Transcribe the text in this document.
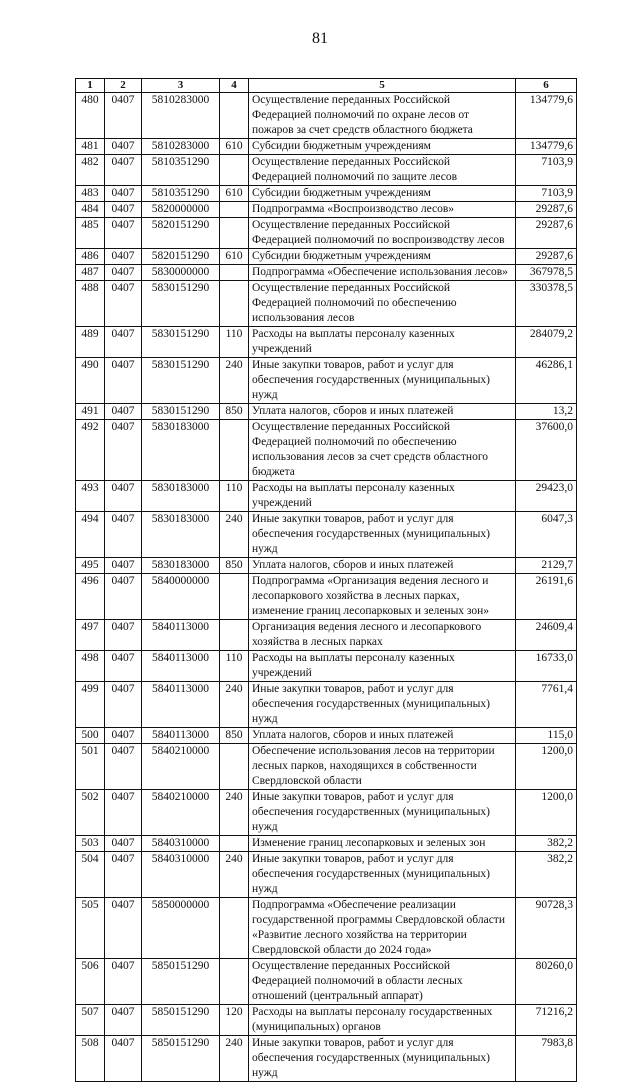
81
1	2	3	4	5	6
480	0407	5810283000		Осуществление переданных Российской Федерацией полномочий по охране лесов от пожаров за счет средств областного бюджета	134779,6
481	0407	5810283000	610	Субсидии бюджетным учреждениям	134779,6
482	0407	5810351290		Осуществление переданных Российской Федерацией полномочий по защите лесов	7103,9
483	0407	5810351290	610	Субсидии бюджетным учреждениям	7103,9
484	0407	5820000000		Подпрограмма «Воспроизводство лесов»	29287,6
485	0407	5820151290		Осуществление переданных Российской Федерацией полномочий по воспроизводству лесов	29287,6
486	0407	5820151290	610	Субсидии бюджетным учреждениям	29287,6
487	0407	5830000000		Подпрограмма «Обеспечение использования лесов»	367978,5
488	0407	5830151290		Осуществление переданных Российской Федерацией полномочий по обеспечению использования лесов	330378,5
489	0407	5830151290	110	Расходы на выплаты персоналу казенных учреждений	284079,2
490	0407	5830151290	240	Иные закупки товаров, работ и услуг для обеспечения государственных (муниципальных) нужд	46286,1
491	0407	5830151290	850	Уплата налогов, сборов и иных платежей	13,2
492	0407	5830183000		Осуществление переданных Российской Федерацией полномочий по обеспечению использования лесов за счет средств областного бюджета	37600,0
493	0407	5830183000	110	Расходы на выплаты персоналу казенных учреждений	29423,0
494	0407	5830183000	240	Иные закупки товаров, работ и услуг для обеспечения государственных (муниципальных) нужд	6047,3
495	0407	5830183000	850	Уплата налогов, сборов и иных платежей	2129,7
496	0407	5840000000		Подпрограмма «Организация ведения лесного и лесопаркового хозяйства в лесных парках, изменение границ лесопарковых и зеленых зон»	26191,6
497	0407	5840113000		Организация ведения лесного и лесопаркового хозяйства в лесных парках	24609,4
498	0407	5840113000	110	Расходы на выплаты персоналу казенных учреждений	16733,0
499	0407	5840113000	240	Иные закупки товаров, работ и услуг для обеспечения государственных (муниципальных) нужд	7761,4
500	0407	5840113000	850	Уплата налогов, сборов и иных платежей	115,0
501	0407	5840210000		Обеспечение использования лесов на территории лесных парков, находящихся в собственности Свердловской области	1200,0
502	0407	5840210000	240	Иные закупки товаров, работ и услуг для обеспечения государственных (муниципальных) нужд	1200,0
503	0407	5840310000		Изменение границ лесопарковых и зеленых зон	382,2
504	0407	5840310000	240	Иные закупки товаров, работ и услуг для обеспечения государственных (муниципальных) нужд	382,2
505	0407	5850000000		Подпрограмма «Обеспечение реализации государственной программы Свердловской области «Развитие лесного хозяйства на территории Свердловской области до 2024 года»	90728,3
506	0407	5850151290		Осуществление переданных Российской Федерацией полномочий в области лесных отношений (центральный аппарат)	80260,0
507	0407	5850151290	120	Расходы на выплаты персоналу государственных (муниципальных) органов	71216,2
508	0407	5850151290	240	Иные закупки товаров, работ и услуг для обеспечения государственных (муниципальных) нужд	7983,8
